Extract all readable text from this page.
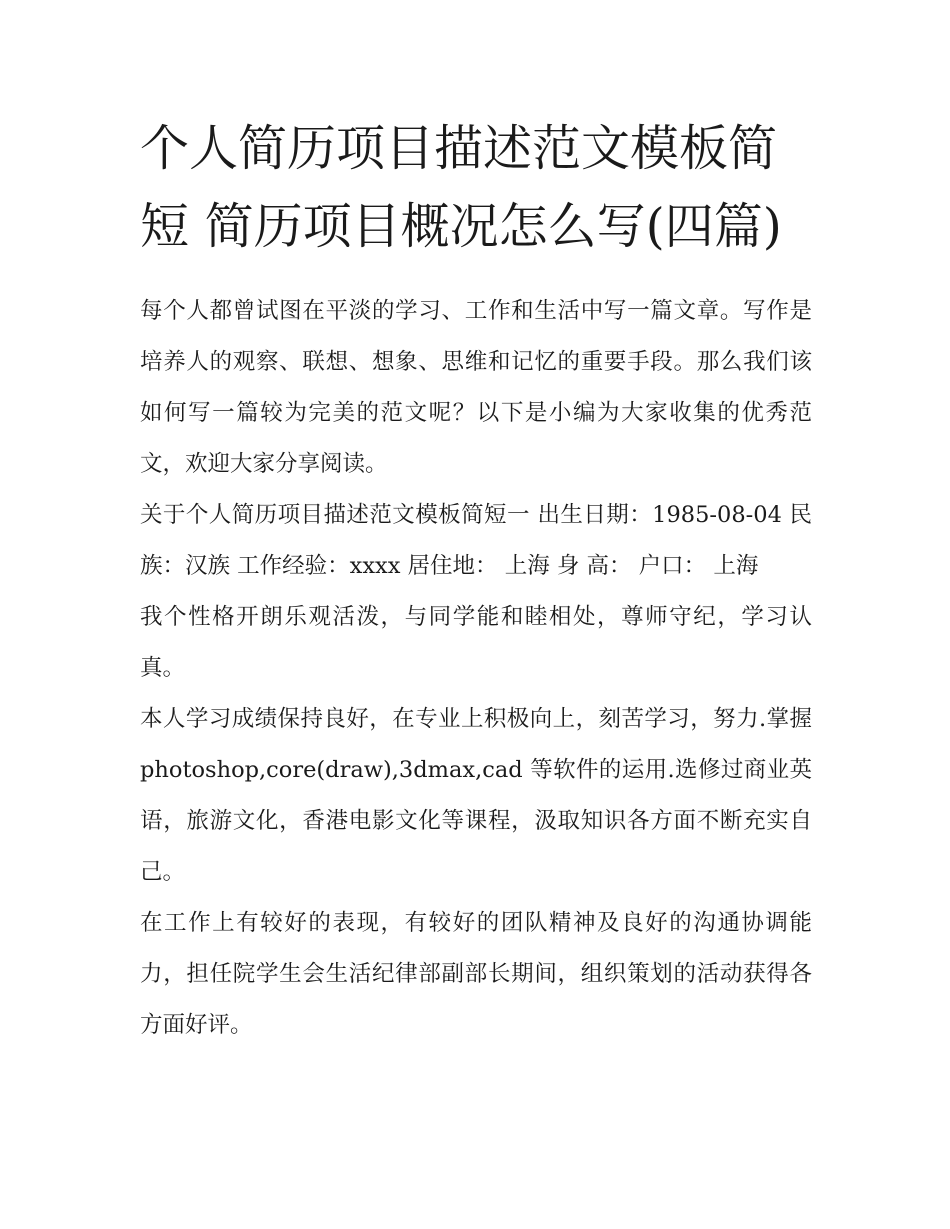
个人简历项目描述范文模板简短 简历项目概况怎么写(四篇)

每个人都曾试图在平淡的学习、工作和生活中写一篇文章。写作是培养人的观察、联想、想象、思维和记忆的重要手段。那么我们该如何写一篇较为完美的范文呢？以下是小编为大家收集的优秀范文，欢迎大家分享阅读。

关于个人简历项目描述范文模板简短一 出生日期：1985-08-04 民 族：汉族 工作经验：xxxx 居住地： 上海 身 高： 户口： 上海

我个性格开朗乐观活泼，与同学能和睦相处，尊师守纪，学习认真。

本人学习成绩保持良好，在专业上积极向上，刻苦学习，努力.掌握 photoshop,core(draw),3dmax,cad 等软件的运用.选修过商业英语，旅游文化，香港电影文化等课程，汲取知识各方面不断充实自己。

在工作上有较好的表现，有较好的团队精神及良好的沟通协调能力，担任院学生会生活纪律部副部长期间，组织策划的活动获得各方面好评。
